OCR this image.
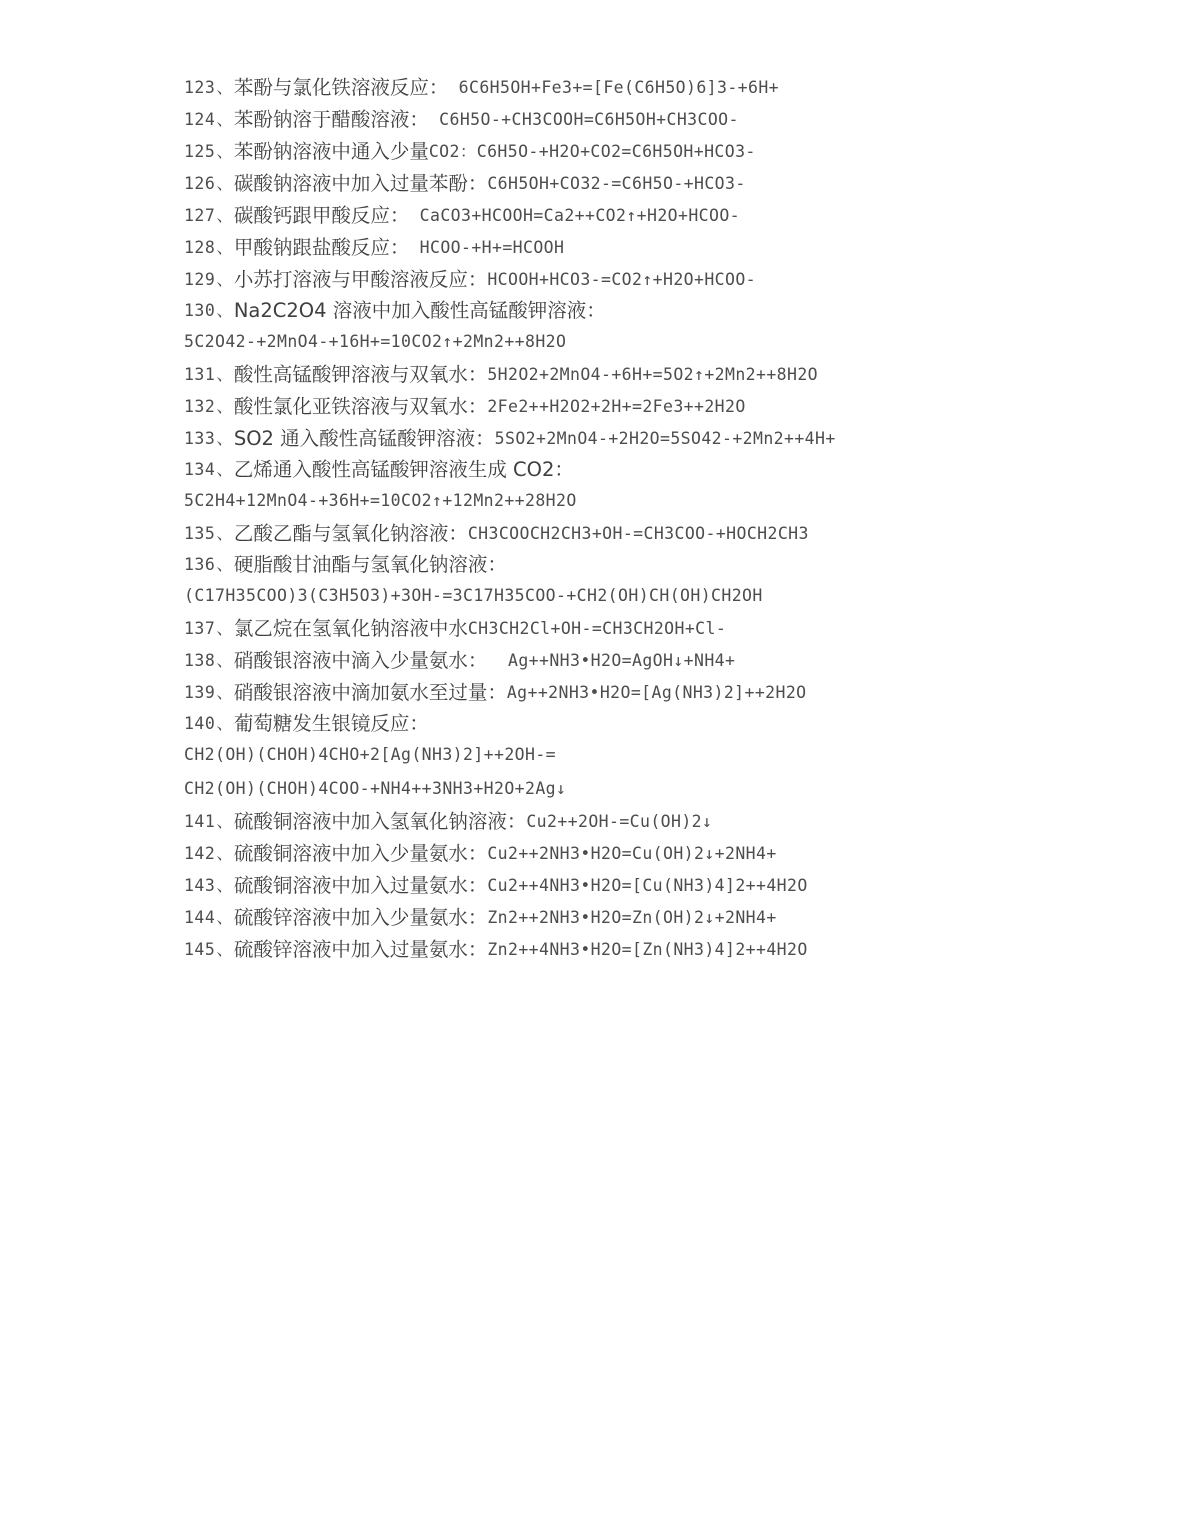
123 、 苯酚与氯化铁溶液反应： 6C6H5OH+Fe3+=[Fe(C6H5O)6]3-+6H+
124 、 苯酚钠溶于醋酸溶液： C6H5O-+CH3COOH=C6H5OH+CH3COO-
125 、 苯酚钠溶液中通入少量 CO2：C6H5O-+H2O+CO2=C6H5OH+HCO3-
126 、 碳酸钠溶液中加入过量苯酚： C6H5OH+CO32-=C6H5O-+HCO3-
127 、 碳酸钙跟甲酸反应： CaCO3+HCOOH=Ca2++CO2↑+H2O+HCOO-
128 、 甲酸钠跟盐酸反应： HCOO-+H+=HCOOH
129 、 小苏打溶液与甲酸溶液反应： HCOOH+HCO3-=CO2↑+H2O+HCOO-
130 、 Na2C2O4 溶液中加入酸性高锰酸钾溶液：
5C2O42-+2MnO4-+16H+=10CO2↑+2Mn2++8H2O
131 、 酸性高锰酸钾溶液与双氧水： 5H2O2+2MnO4-+6H+=5O2↑+2Mn2++8H2O
132 、 酸性氯化亚铁溶液与双氧水： 2Fe2++H2O2+2H+=2Fe3++2H2O
133 、 SO2 通入酸性高锰酸钾溶液： 5SO2+2MnO4-+2H2O=5SO42-+2Mn2++4H+
134 、 乙烯通入酸性高锰酸钾溶液生成 CO2：
5C2H4+12MnO4-+36H+=10CO2↑+12Mn2++28H2O
135 、 乙酸乙酯与氢氧化钠溶液： CH3COOCH2CH3+OH-=CH3COO-+HOCH2CH3
136 、 硬脂酸甘油酯与氢氧化钠溶液：
(C17H35COO)3(C3H5O3)+3OH-=3C17H35COO-+CH2(OH)CH(OH)CH2OH
137 、 氯乙烷在氢氧化钠溶液中水 CH3CH2Cl+OH-=CH3CH2OH+Cl-
138 、 硝酸银溶液中滴入少量氨水： Ag++NH3•H2O=AgOH↓+NH4+
139 、 硝酸银溶液中滴加氨水至过量： Ag++2NH3•H2O=[Ag(NH3)2]++2H2O
140 、 葡萄糖发生银镜反应：
CH2(OH)(CHOH)4CHO+2[Ag(NH3)2]++2OH-=
CH2(OH)(CHOH)4COO-+NH4++3NH3+H2O+2Ag↓
141 、 硫酸铜溶液中加入氢氧化钠溶液： Cu2++2OH-=Cu(OH)2↓
142 、 硫酸铜溶液中加入少量氨水： Cu2++2NH3•H2O=Cu(OH)2↓+2NH4+
143 、 硫酸铜溶液中加入过量氨水： Cu2++4NH3•H2O=[Cu(NH3)4]2++4H2O
144 、 硫酸锌溶液中加入少量氨水： Zn2++2NH3•H2O=Zn(OH)2↓+2NH4+
145 、 硫酸锌溶液中加入过量氨水： Zn2++4NH3•H2O=[Zn(NH3)4]2++4H2O
